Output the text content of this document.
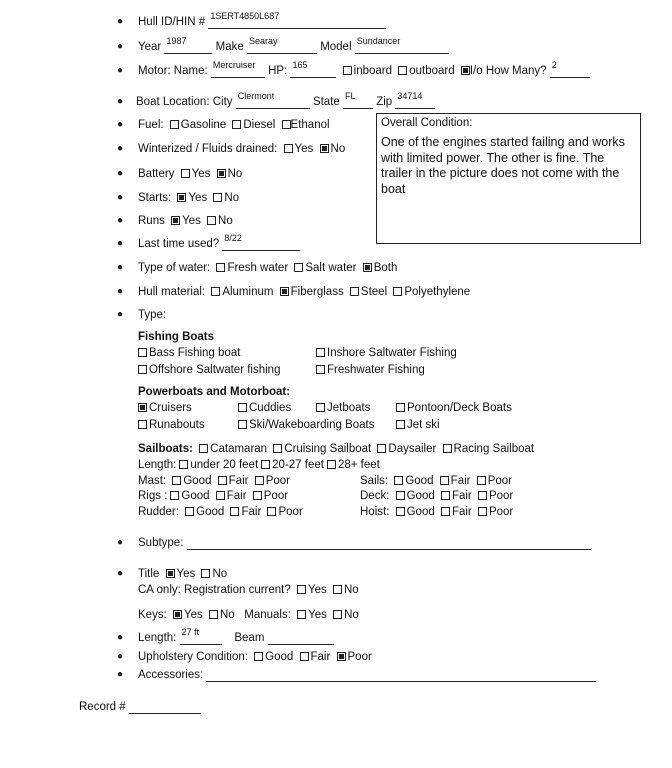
● Hull ID/HIN # 1SERT4850L687
● Year 1987	Make Searay	Model Sundancer
● Motor: Name: Mercruiser HP: 165	inboard outboard I/o How Many? 2
● Boat Location: City Clermont	State FL Zip 34714
● Fuel: Gasoline Diesel Ethanol
● Winterized / Fluids drained: Yes No
● Battery Yes No
● Starts: Yes No
● Runs Yes No
● Last time used? 8/22
Overall Condition:
One of the engines started failing and works with limited power. The other is fine. The trailer in the picture does not come with the boat
● Type of water: Fresh water Salt water Both
● Hull material: Aluminum Fiberglass Steel Polyethylene
● Type:
Fishing Boats
Bass Fishing boat	Inshore Saltwater Fishing
Offshore Saltwater fishing	Freshwater Fishing
Powerboats and Motorboat:
Cruisers	Cuddies	Jetboats	Pontoon/Deck Boats
Runabouts	Ski/Wakeboarding Boats	Jet ski
Sailboats: Catamaran Cruising Sailboat Daysailer Racing Sailboat
Length: under 20 feet 20-27 feet 28+ feet
Mast: Good Fair Poor	Sails: Good Fair Poor
Rigs : Good Fair Poor	Deck: Good Fair Poor
Rudder: Good Fair Poor	Hoist: Good Fair Poor
● Subtype:
● Title Yes No
CA only: Registration current? Yes No
Keys: Yes No Manuals: Yes No
● Length: 27 ft	Beam
● Upholstery Condition: Good Fair Poor
● Accessories:
Record #
